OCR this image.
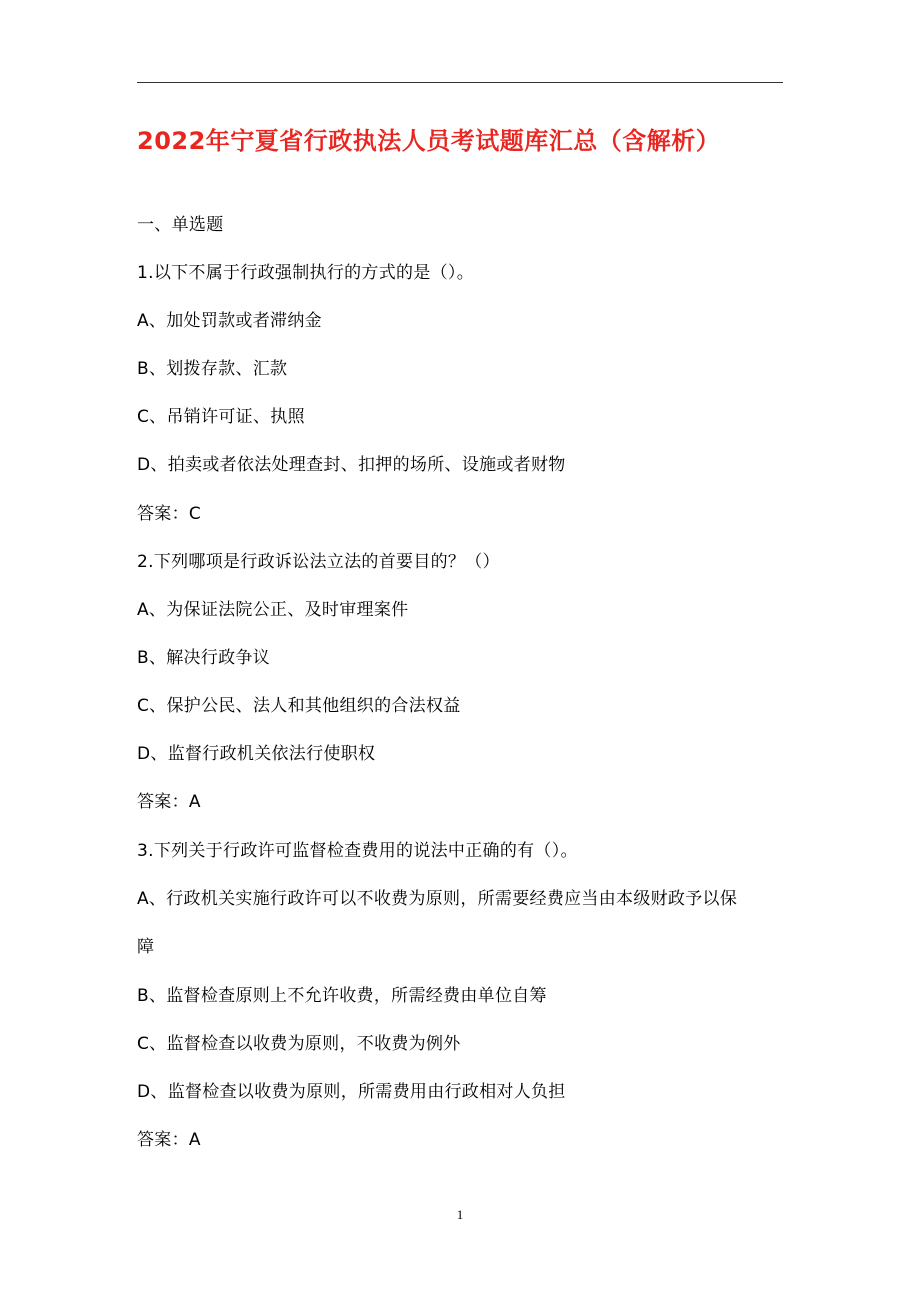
2022年宁夏省行政执法人员考试题库汇总（含解析）
一、单选题
1.以下不属于行政强制执行的方式的是（）。
A、加处罚款或者滞纳金
B、划拨存款、汇款
C、吊销许可证、执照
D、拍卖或者依法处理查封、扣押的场所、设施或者财物
答案：C
2.下列哪项是行政诉讼法立法的首要目的？（）
A、为保证法院公正、及时审理案件
B、解决行政争议
C、保护公民、法人和其他组织的合法权益
D、监督行政机关依法行使职权
答案：A
3.下列关于行政许可监督检查费用的说法中正确的有（）。
A、行政机关实施行政许可以不收费为原则，所需要经费应当由本级财政予以保
障
B、监督检查原则上不允许收费，所需经费由单位自筹
C、监督检查以收费为原则，不收费为例外
D、监督检查以收费为原则，所需费用由行政相对人负担
答案：A
1
